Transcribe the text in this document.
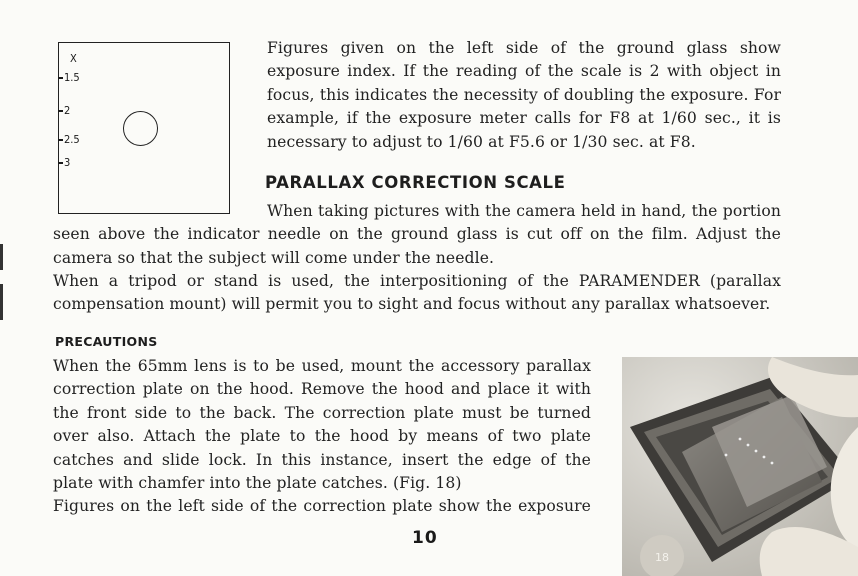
X
1.5
2
2.5
3

Figures given on the left side of the ground glass show exposure index. If the reading of the scale is 2 with object in focus, this indicates the necessity of doubling the exposure. For example, if the exposure meter calls for F8 at 1/60 sec., it is necessary to adjust to 1/60 at F5.6 or 1/30 sec. at F8.

PARALLAX CORRECTION SCALE

When taking pictures with the camera held in hand, the portion seen above the indicator needle on the ground glass is cut off on the film. Adjust the camera so that the subject will come under the needle.

When a tripod or stand is used, the interpositioning of the PARAMENDER (parallax compensation mount) will permit you to sight and focus without any parallax whatsoever.

PRECAUTIONS

When the 65mm lens is to be used, mount the accessory parallax correction plate on the hood. Remove the hood and place it with the front side to the back. The correction plate must be turned over also. Attach the plate to the hood by means of two plate catches and slide lock. In this instance, insert the edge of the plate with chamfer into the plate catches. (Fig. 18)

Figures on the left side of the correction plate show the exposure

18
10
